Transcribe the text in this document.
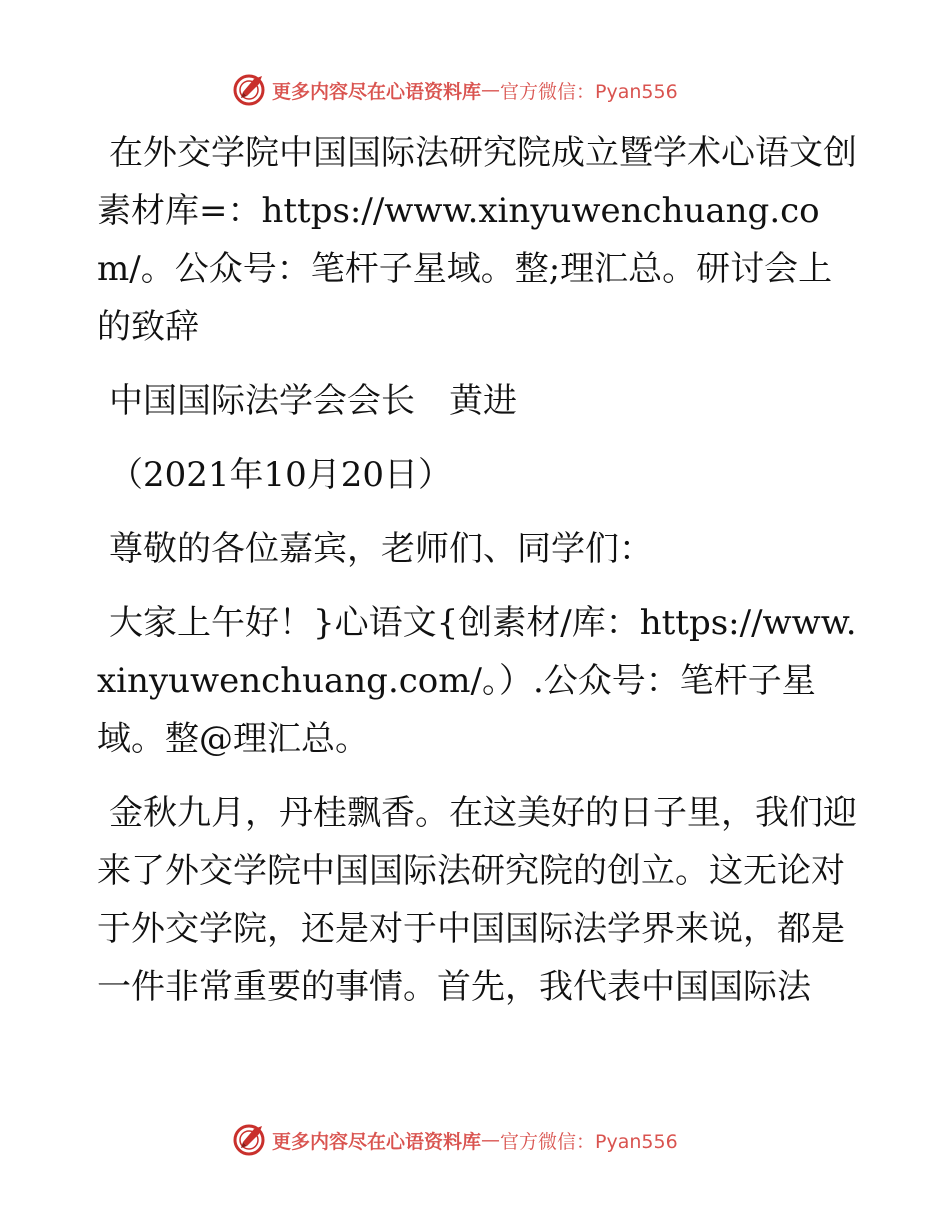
更多内容尽在心语资料库 — 官方微信：Pyan556

在外交学院中国国际法研究院成立暨学术心语文创素材库=：https://www.xinyuwenchuang.com/。公众号：笔杆子星域。整;理汇总。研讨会上的致辞

中国国际法学会会长　黄进

（2021年10月20日）

尊敬的各位嘉宾，老师们、同学们：

大家上午好！}心语文{创素材/库：https://www.xinyuwenchuang.com/。）.公众号：笔杆子星域。整@理汇总。

金秋九月，丹桂飘香。在这美好的日子里，我们迎来了外交学院中国国际法研究院的创立。这无论对于外交学院，还是对于中国国际法学界来说，都是一件非常重要的事情。首先，我代表中国国际法

更多内容尽在心语资料库 — 官方微信：Pyan556
